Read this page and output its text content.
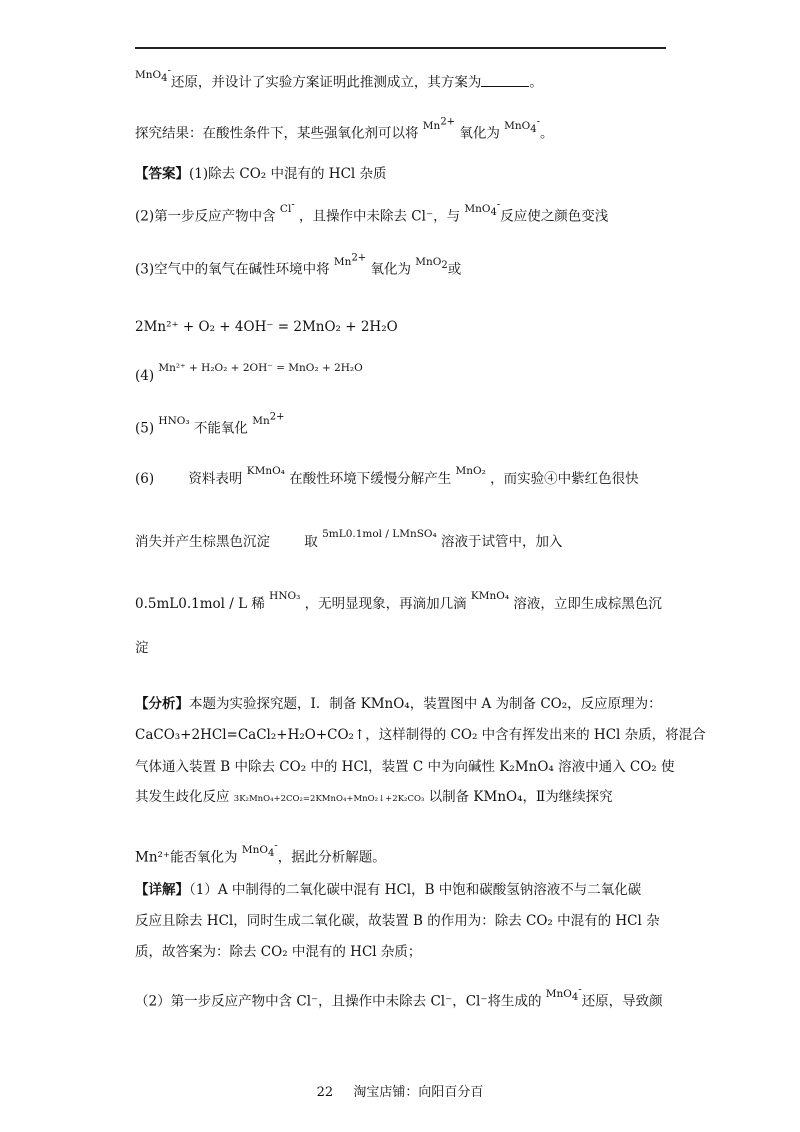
$^{MnO_4^-}$还原，并设计了实验方案证明此推测成立，其方案为	。
探究结果：在酸性条件下，某些强氧化剂可以将 $^{Mn^{2+}}$ 氧化为 $^{MnO_4^-}$。
【答案】(1)除去 CO₂ 中混有的 HCl 杂质
(2)第一步反应产物中含 $^{Cl^-}$ ，且操作中未除去 Cl⁻，与 $^{MnO_4^-}$反应使之颜色变浅
(3)空气中的氧气在碱性环境中将 $^{Mn^{2+}}$ 氧化为 $^{MnO_2}$或
2Mn²⁺ + O₂ + 4OH⁻ = 2MnO₂ + 2H₂O
(4) $^{Mn^{2+} + H_2O_2 + 2OH^- = MnO_2 + 2H_2O}$
(5) $^{HNO_3}$ 不能氧化 $^{Mn^{2+}}$
(6)	资料表明 $^{KMnO_4}$ 在酸性环境下缓慢分解产生 $^{MnO_2}$ ，而实验④中紫红色很快
消失并产生棕黑色沉淀	取 $^{5mL0.1mol / LMnSO_4}$ 溶液于试管中，加入
0.5mL0.1mol / L 稀 $^{HNO_3}$ ，无明显现象，再滴加几滴 $^{KMnO_4}$ 溶液，立即生成棕黑色沉
淀
【分析】本题为实验探究题，Ⅰ．制备 KMnO₄，装置图中 A 为制备 CO₂，反应原理为：
CaCO₃+2HCl=CaCl₂+H₂O+CO₂↑，这样制得的 CO₂ 中含有挥发出来的 HCl 杂质，将混合
气体通入装置 B 中除去 CO₂ 中的 HCl，装置 C 中为向碱性 K₂MnO₄ 溶液中通入 CO₂ 使
其发生歧化反应 3K₂MnO₄+2CO₂=2KMnO₄+MnO₂↓+2K₂CO₃ 以制备 KMnO₄，Ⅱ为继续探究
Mn²⁺能否氧化为 $^{MnO_4^-}$，据此分析解题。
【详解】（1）A 中制得的二氧化碳中混有 HCl，B 中饱和碳酸氢钠溶液不与二氧化碳
反应且除去 HCl，同时生成二氧化碳，故装置 B 的作用为：除去 CO₂ 中混有的 HCl 杂
质，故答案为：除去 CO₂ 中混有的 HCl 杂质；
（2）第一步反应产物中含 Cl⁻，且操作中未除去 Cl⁻，Cl⁻将生成的 $^{MnO_4^-}$还原，导致颜
22 淘宝店铺：向阳百分百
